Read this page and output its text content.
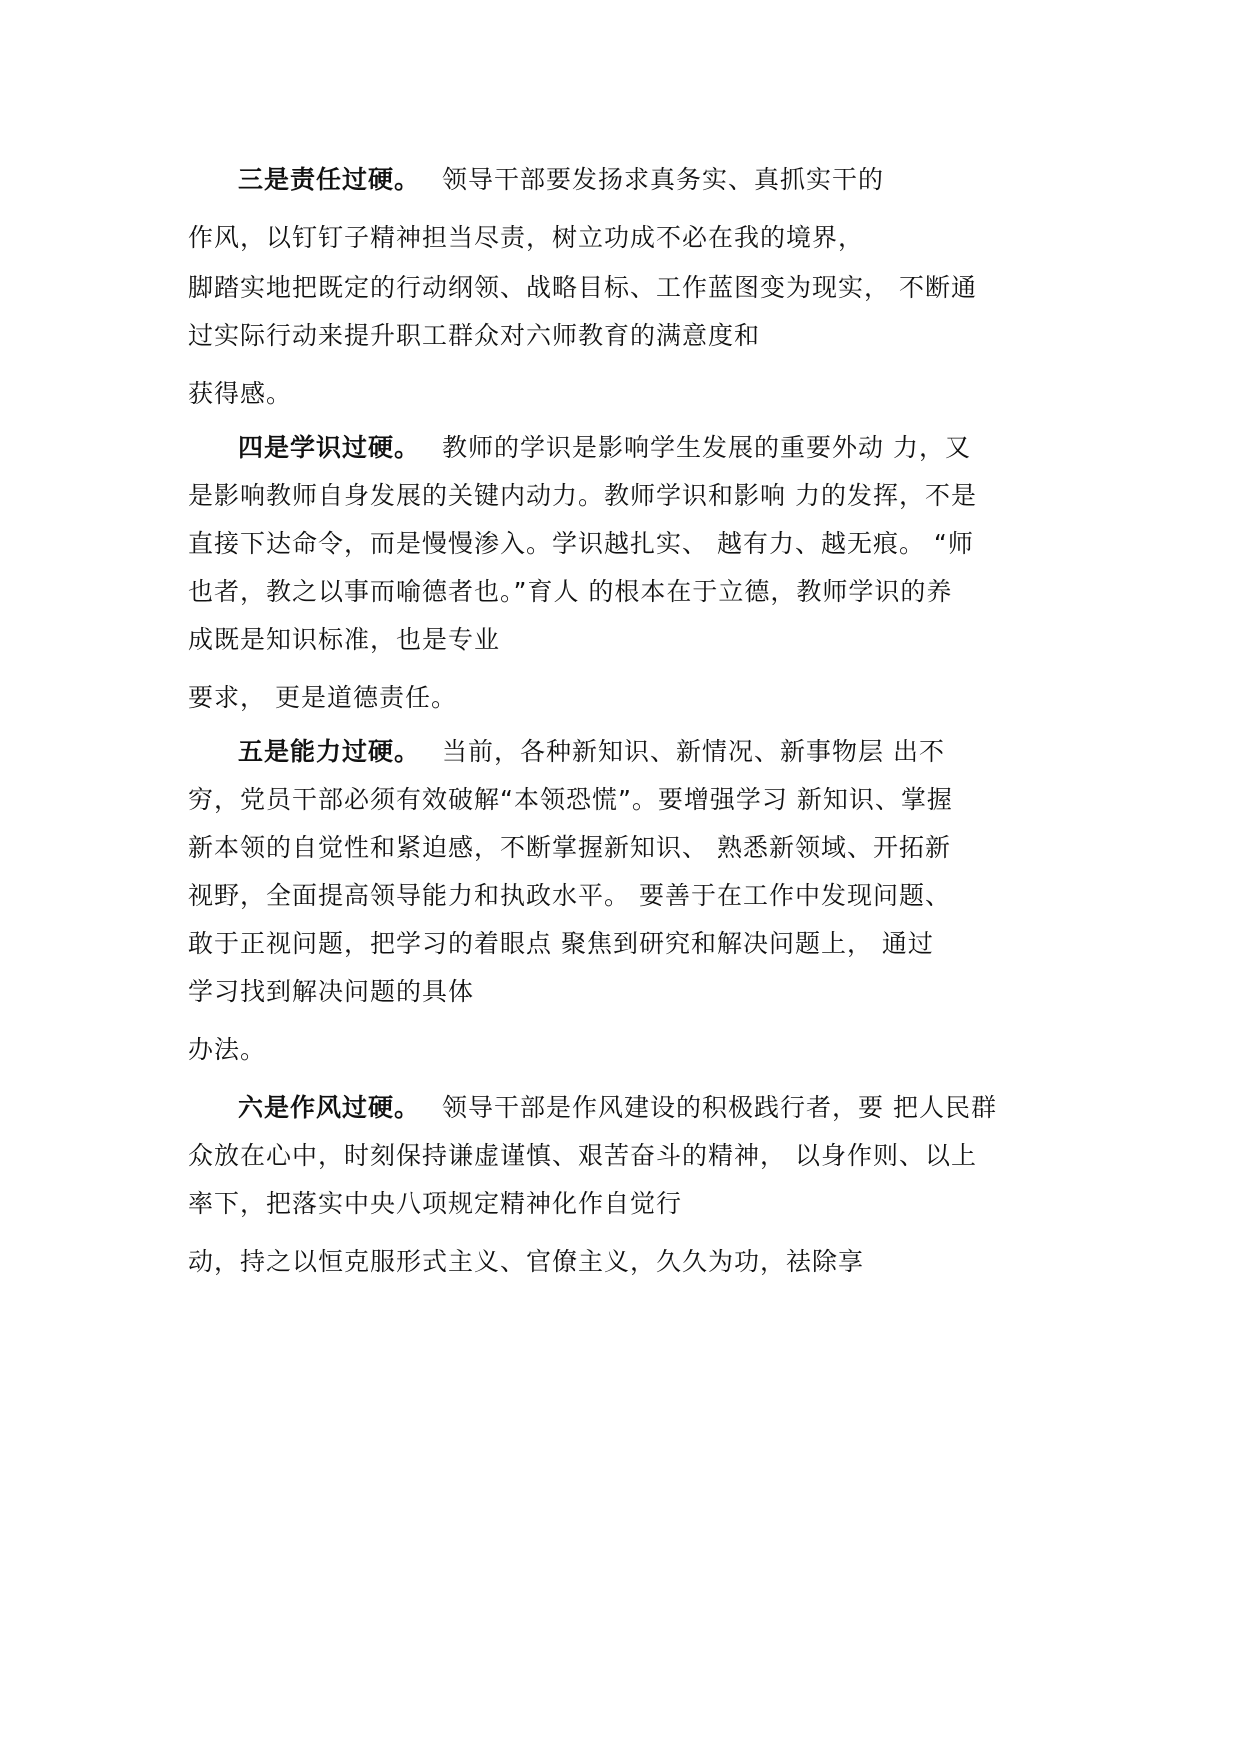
三是责任过硬。 领导干部要发扬求真务实、真抓实干的
作风，以钉钉子精神担当尽责，树立功成不必在我的境界，
脚踏实地把既定的行动纲领、战略目标、工作蓝图变为现实， 不断通
过实际行动来提升职工群众对六师教育的满意度和
获得感。
四是学识过硬。 教师的学识是影响学生发展的重要外动 力，又
是影响教师自身发展的关键内动力。教师学识和影响 力的发挥，不是
直接下达命令，而是慢慢渗入。学识越扎实、 越有力、越无痕。 “师
也者，教之以事而喻德者也。”育人 的根本在于立德，教师学识的养
成既是知识标准，也是专业
要求， 更是道德责任。
五是能力过硬。 当前，各种新知识、新情况、新事物层 出不
穷，党员干部必须有效破解“本领恐慌”。要增强学习 新知识、掌握
新本领的自觉性和紧迫感，不断掌握新知识、 熟悉新领域、开拓新
视野，全面提高领导能力和执政水平。 要善于在工作中发现问题、
敢于正视问题，把学习的着眼点 聚焦到研究和解决问题上， 通过
学习找到解决问题的具体
办法。
六是作风过硬。 领导干部是作风建设的积极践行者，要 把人民群
众放在心中，时刻保持谦虚谨慎、艰苦奋斗的精神， 以身作则、以上
率下，把落实中央八项规定精神化作自觉行
动，持之以恒克服形式主义、官僚主义，久久为功，祛除享
